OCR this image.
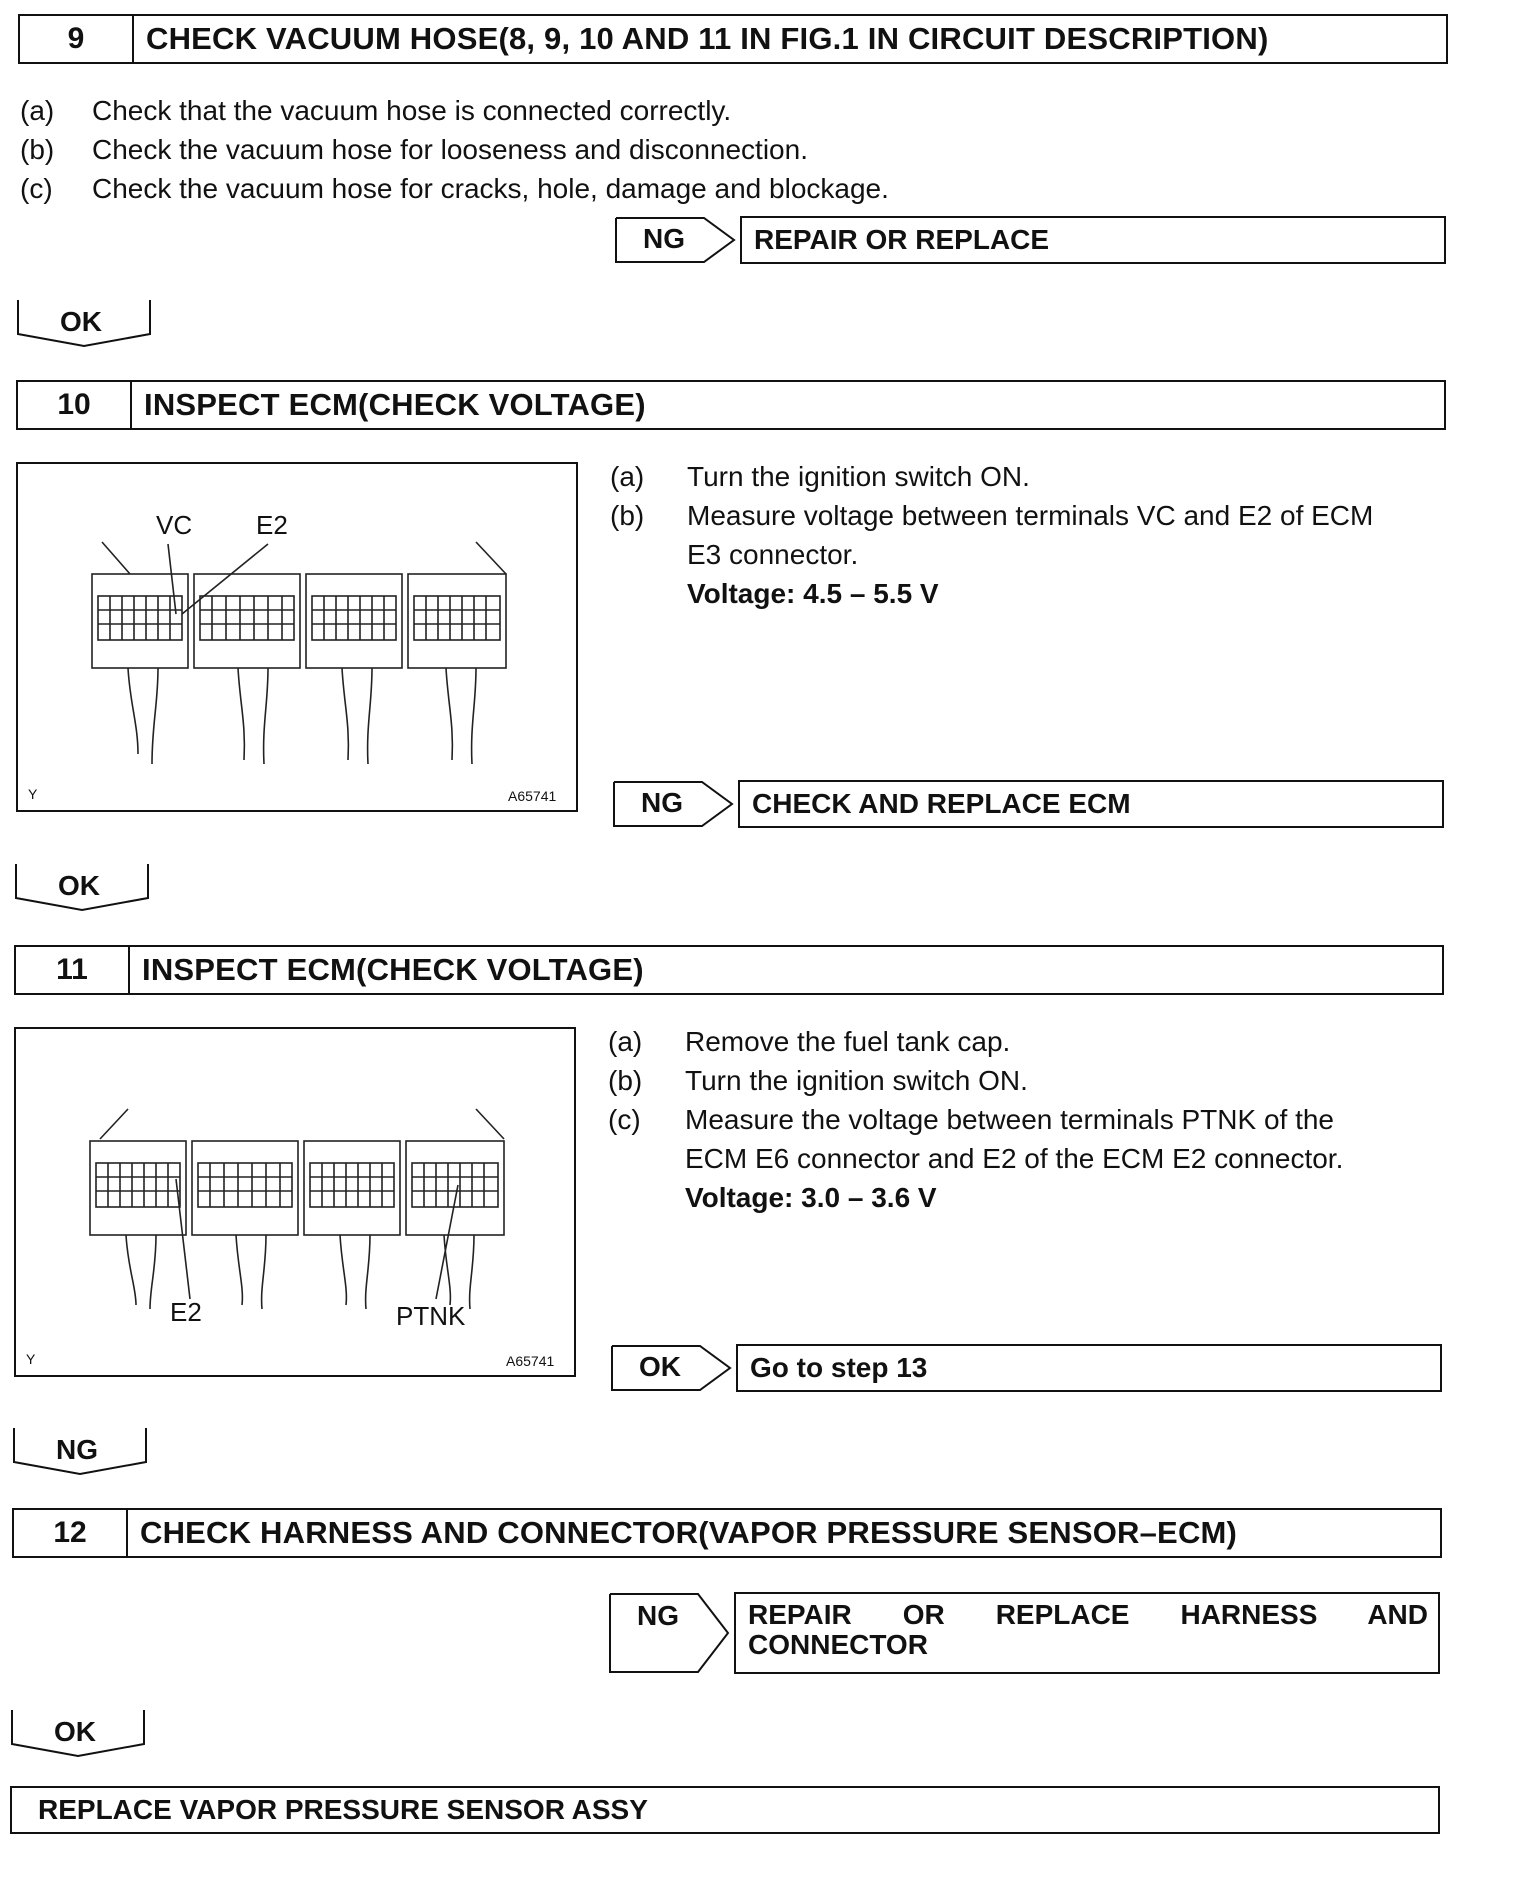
9	CHECK VACUUM HOSE(8, 9, 10 AND 11 IN FIG.1 IN CIRCUIT DESCRIPTION)
(a) Check that the vacuum hose is connected correctly.
(b) Check the vacuum hose for looseness and disconnection.
(c) Check the vacuum hose for cracks, hole, damage and blockage.
NG	REPAIR OR REPLACE
OK
10	INSPECT ECM(CHECK VOLTAGE)
VC E2
Y	A65741
(a) Turn the ignition switch ON.
(b) Measure voltage between terminals VC and E2 of ECM
E3 connector.
Voltage: 4.5 – 5.5 V
NG	CHECK AND REPLACE ECM
OK
11	INSPECT ECM(CHECK VOLTAGE)
E2	PTNK
Y	A65741
(a) Remove the fuel tank cap.
(b) Turn the ignition switch ON.
(c) Measure the voltage between terminals PTNK of the
ECM E6 connector and E2 of the ECM E2 connector.
Voltage: 3.0 – 3.6 V
OK	Go to step 13
NG
12	CHECK HARNESS AND CONNECTOR(VAPOR PRESSURE SENSOR–ECM)
NG	REPAIR OR REPLACE HARNESS AND
CONNECTOR
OK
REPLACE VAPOR PRESSURE SENSOR ASSY
